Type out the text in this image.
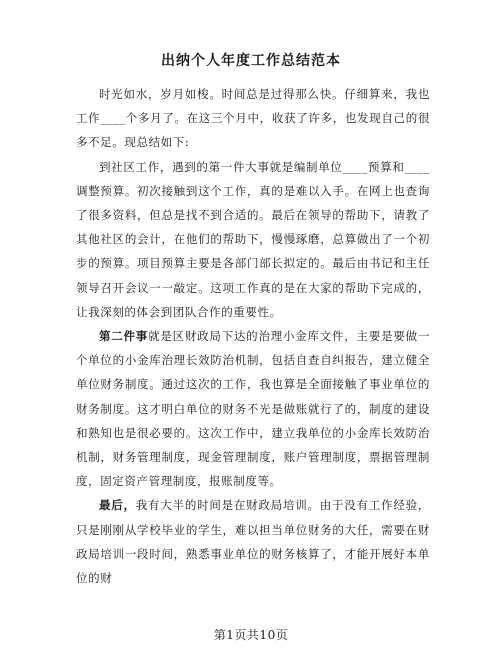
出纳个人年度工作总结范本

时光如水，岁月如梭。时间总是过得那么快。仔细算来，我也工作____个多月了。在这三个月中，收获了许多，也发现自己的很多不足。现总结如下:

到社区工作，遇到的第一件大事就是编制单位____预算和____调整预算。初次接触到这个工作，真的是难以入手。在网上也查询了很多资料，但总是找不到合适的。最后在领导的帮助下，请教了其他社区的会计，在他们的帮助下，慢慢琢磨，总算做出了一个初步的预算。项目预算主要是各部门部长拟定的。最后由书记和主任领导召开会议一一敲定。这项工作真的是在大家的帮助下完成的，让我深刻的体会到团队合作的重要性。

第二件事就是区财政局下达的治理小金库文件，主要是要做一个单位的小金库治理长效防治机制，包括自查自纠报告，建立健全单位财务制度。通过这次的工作，我也算是全面接触了事业单位的财务制度。这才明白单位的财务不光是做账就行了的，制度的建设和熟知也是很必要的。这次工作中，建立我单位的小金库长效防治机制，财务管理制度，现金管理制度，账户管理制度，票据管理制度，固定资产管理制度，报账制度等。

最后，我有大半的时间是在财政局培训。由于没有工作经验，只是刚刚从学校毕业的学生，难以担当单位财务的大任，需要在财政局培训一段时间，熟悉事业单位的财务核算了，才能开展好本单位的财

第1页共10页
